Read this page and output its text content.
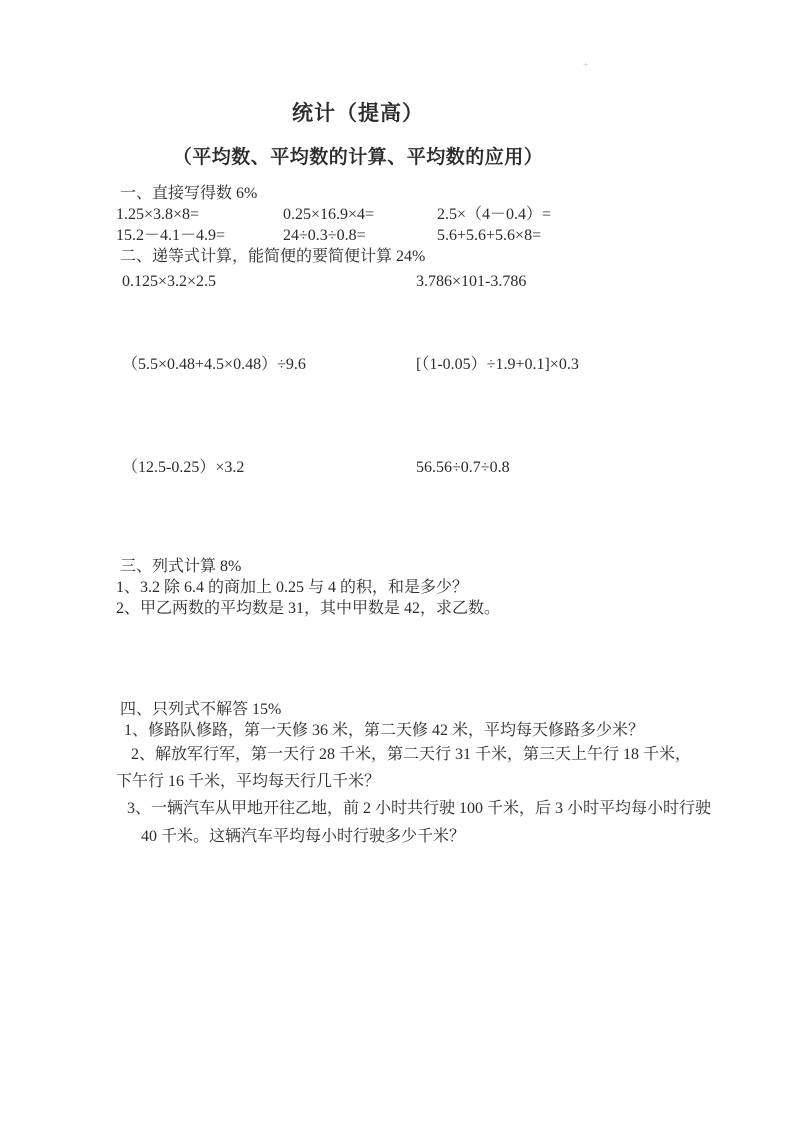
+
统计（提高）
（平均数、平均数的计算、平均数的应用）
一、直接写得数 6%
1.25×3.8×8=	0.25×16.9×4=	2.5×（4－0.4）=
15.2－4.1－4.9=	24÷0.3÷0.8=	5.6+5.6+5.6×8=
二、递等式计算，能简便的要简便计算 24%
0.125×3.2×2.5	3.786×101-3.786
（5.5×0.48+4.5×0.48）÷9.6	[（1-0.05）÷1.9+0.1]×0.3
（12.5-0.25）×3.2	56.56÷0.7÷0.8
三、列式计算 8%

1、3.2 除 6.4 的商加上 0.25 与 4 的积，和是多少？

2、甲乙两数的平均数是 31，其中甲数是 42，求乙数。

四、只列式不解答 15%

1、修路队修路，第一天修 36 米，第二天修 42 米，平均每天修路多少米？

2、解放军行军，第一天行 28 千米，第二天行 31 千米，第三天上午行 18 千米，下午行 16 千米，平均每天行几千米？

3、一辆汽车从甲地开往乙地，前 2 小时共行驶 100 千米，后 3 小时平均每小时行驶 40 千米。这辆汽车平均每小时行驶多少千米？
